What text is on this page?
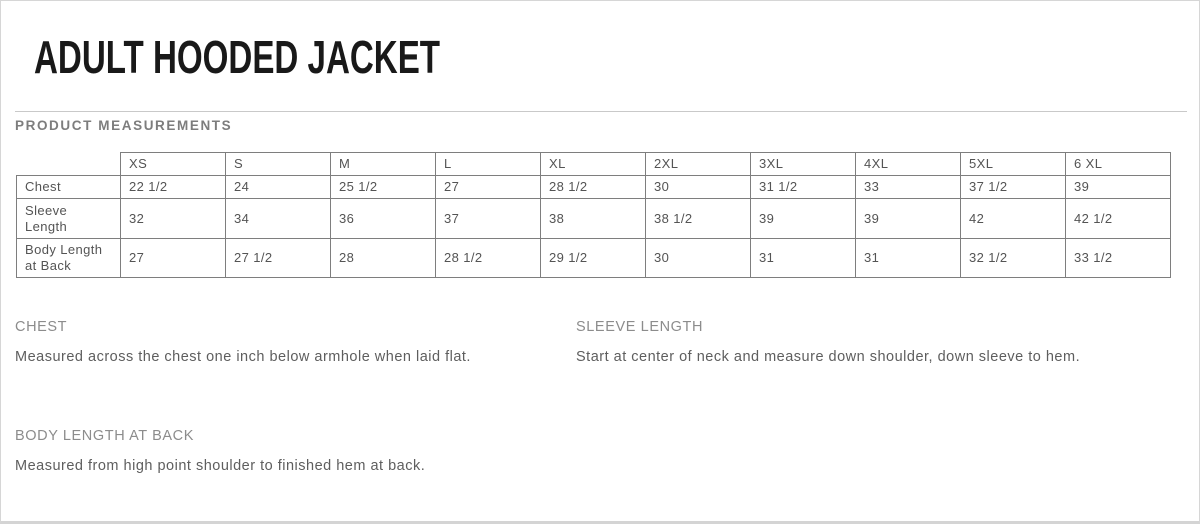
ADULT HOODED JACKET
PRODUCT MEASUREMENTS
	XS	S	M	L	XL	2XL	3XL	4XL	5XL	6 XL
Chest	22 1/2	24	25 1/2	27	28 1/2	30	31 1/2	33	37 1/2	39
Sleeve Length	32	34	36	37	38	38 1/2	39	39	42	42 1/2
Body Length at Back	27	27 1/2	28	28 1/2	29 1/2	30	31	31	32 1/2	33 1/2
CHEST
Measured across the chest one inch below armhole when laid flat.
SLEEVE LENGTH
Start at center of neck and measure down shoulder, down sleeve to hem.
BODY LENGTH AT BACK
Measured from high point shoulder to finished hem at back.
